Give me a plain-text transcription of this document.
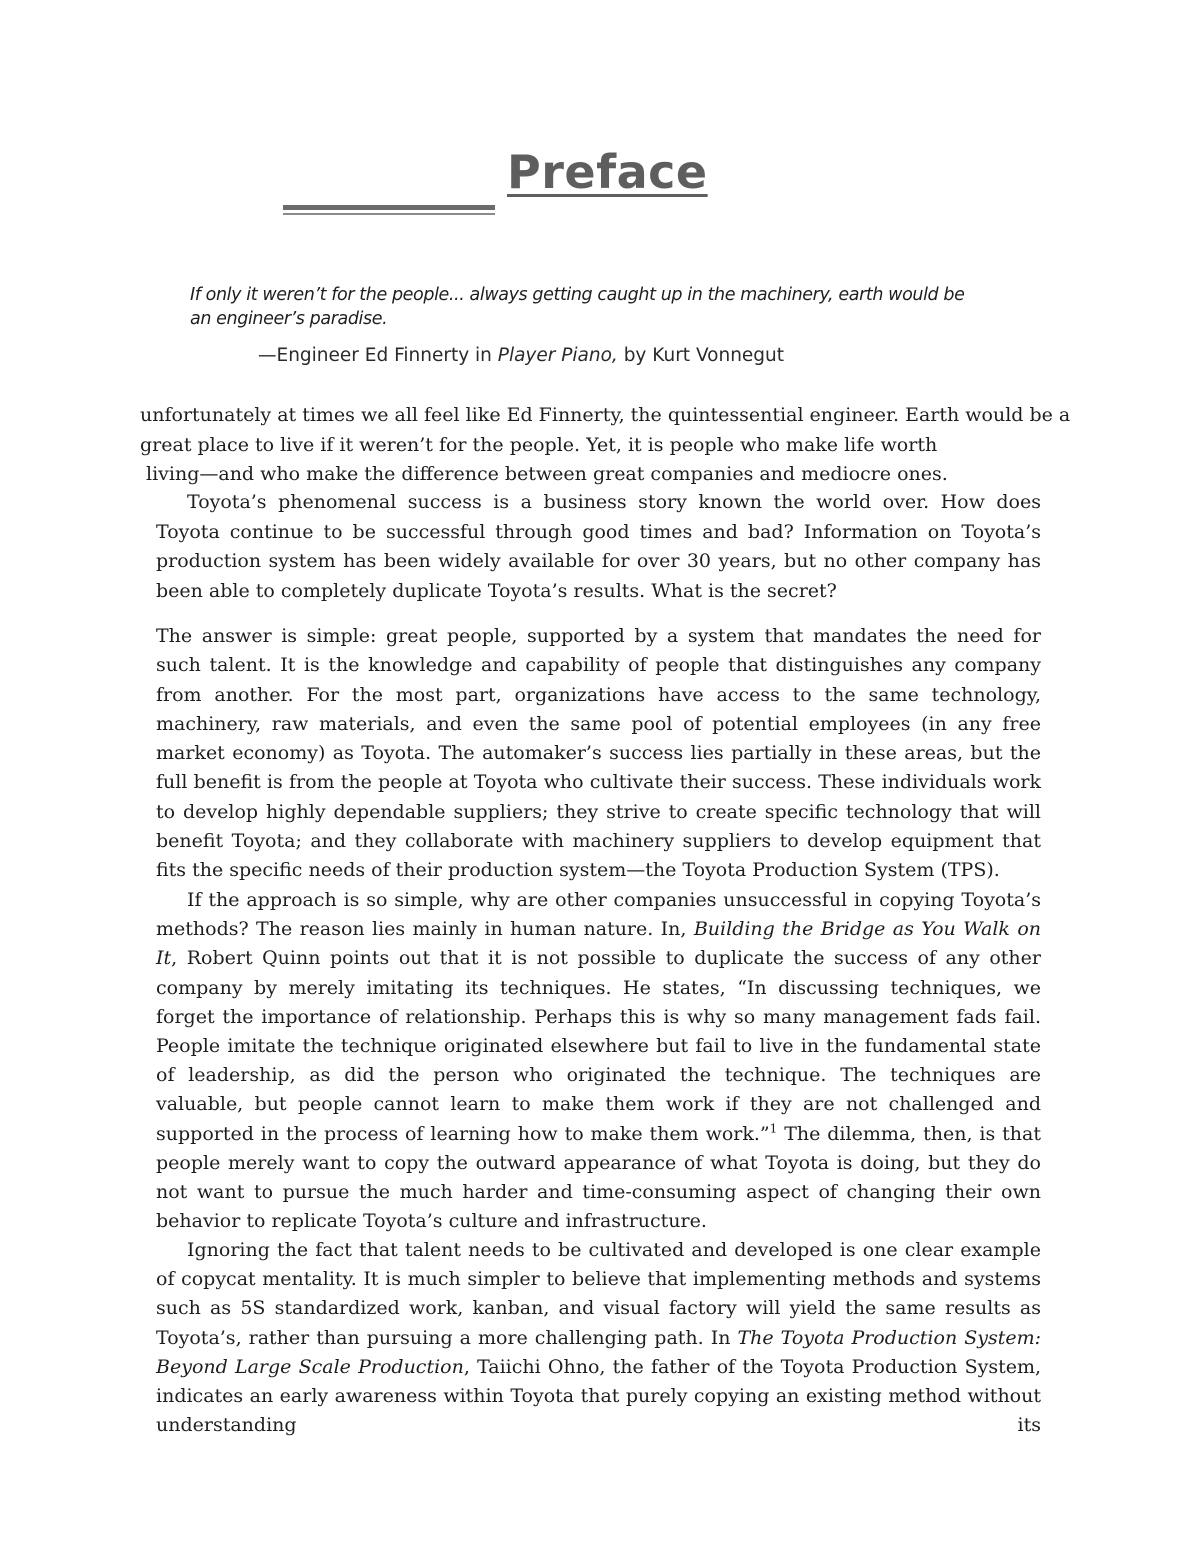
Preface
If only it weren’t for the people... always getting caught up in the machinery, earth would be an engineer’s paradise.
—Engineer Ed Finnerty in Player Piano, by Kurt Vonnegut
unfortunately at times we all feel like Ed Finnerty, the quintessential engineer. Earth would be a
great place to live if it weren’t for the people. Yet, it is people who make life worth
living—and who make the difference between great companies and mediocre ones.

Toyota’s phenomenal success is a business story known the world over. How does Toyota continue to be successful through good times and bad? Information on Toyota’s production system has been widely available for over 30 years, but no other company has been able to completely duplicate Toyota’s results. What is the secret?

The answer is simple: great people, supported by a system that mandates the need for such talent. It is the knowledge and capability of people that distinguishes any company from another. For the most part, organizations have access to the same technology, machinery, raw materials, and even the same pool of potential employees (in any free market economy) as Toyota. The automaker’s success lies partially in these areas, but the full benefit is from the people at Toyota who cultivate their success. These individuals work to develop highly dependable suppliers; they strive to create specific technology that will benefit Toyota; and they collaborate with machinery suppliers to develop equipment that fits the specific needs of their production system—the Toyota Production System (TPS).

If the approach is so simple, why are other companies unsuccessful in copying Toyota’s methods? The reason lies mainly in human nature. In, Building the Bridge as You Walk on It, Robert Quinn points out that it is not possible to duplicate the success of any other company by merely imitating its techniques. He states, “In discussing techniques, we forget the importance of relationship. Perhaps this is why so many management fads fail. People imitate the technique originated elsewhere but fail to live in the fundamental state of leadership, as did the person who originated the technique. The techniques are valuable, but people cannot learn to make them work if they are not challenged and supported in the process of learning how to make them work.”$^1$ The dilemma, then, is that people merely want to copy the outward appearance of what Toyota is doing, but they do not want to pursue the much harder and time-consuming aspect of changing their own behavior to replicate Toyota’s culture and infrastructure.

Ignoring the fact that talent needs to be cultivated and developed is one clear example of copycat mentality. It is much simpler to believe that implementing methods and systems such as 5S standardized work, kanban, and visual factory will yield the same results as Toyota’s, rather than pursuing a more challenging path. In The Toyota Production System: Beyond Large Scale Production, Taiichi Ohno, the father of the Toyota Production System, indicates an early awareness within Toyota that purely copying an existing method without understanding its
